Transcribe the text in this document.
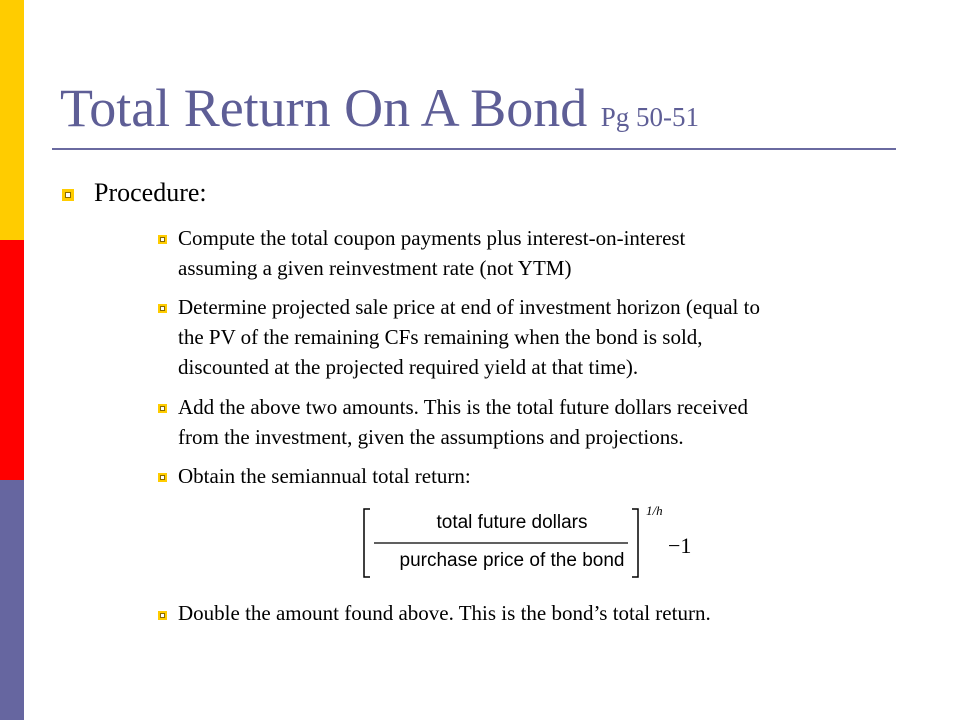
Total Return On A Bond Pg 50-51
Procedure:
Compute the total coupon payments plus interest-on-interest
assuming a given reinvestment rate (not YTM)
Determine projected sale price at end of investment horizon (equal to
the PV of the remaining CFs remaining when the bond is sold,
discounted at the projected required yield at that time).
Add the above two amounts. This is the total future dollars received
from the investment, given the assumptions and projections.
Obtain the semiannual total return:
total future dollars
purchase price of the bond
1/h
−1
Double the amount found above. This is the bond’s total return.
